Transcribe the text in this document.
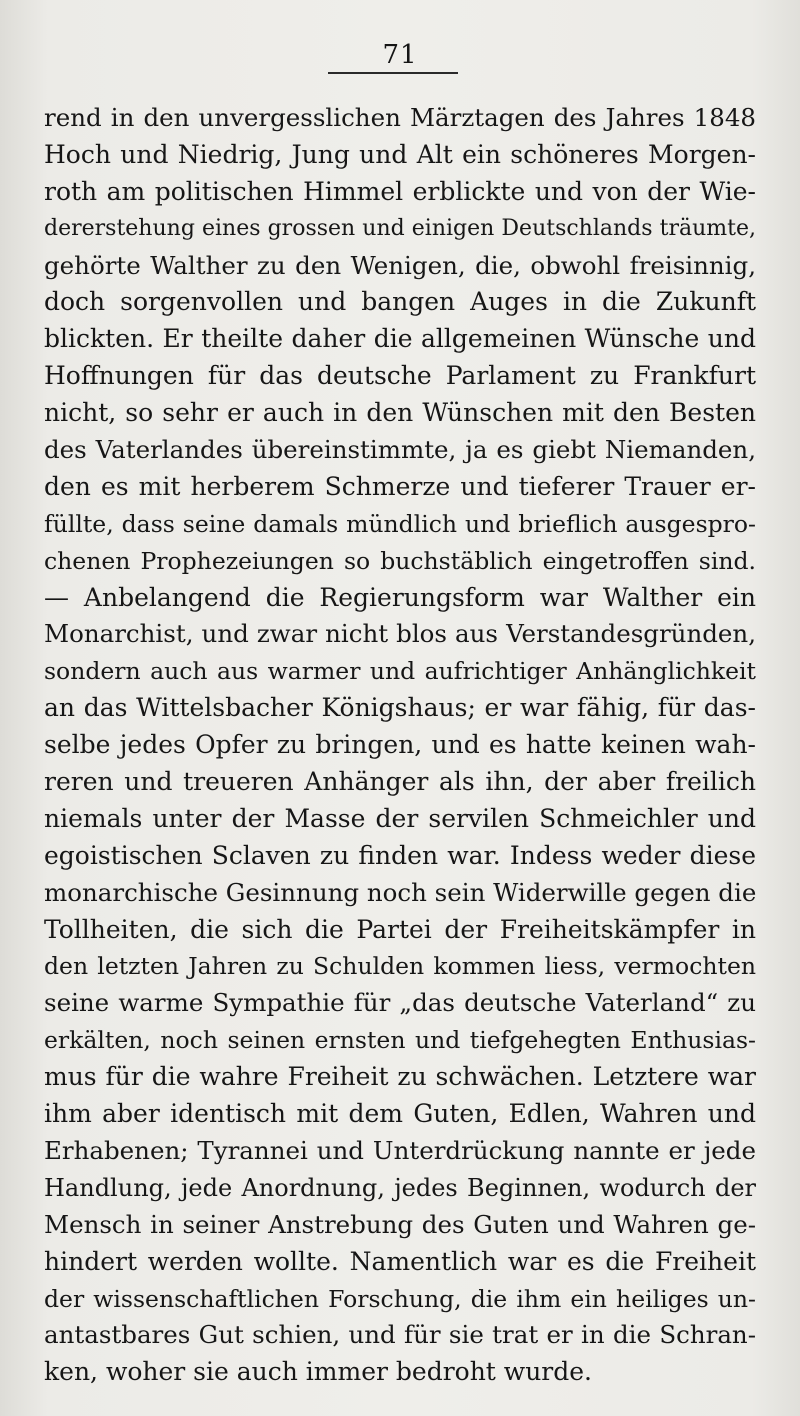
71
rend in den unvergesslichen Märztagen des Jahres 1848
Hoch und Niedrig, Jung und Alt ein schöneres Morgen-
roth am politischen Himmel erblickte und von der Wie-
dererstehung eines grossen und einigen Deutschlands träumte,
gehörte Walther zu den Wenigen, die, obwohl freisinnig,
doch sorgenvollen und bangen Auges in die Zukunft
blickten. Er theilte daher die allgemeinen Wünsche und
Hoffnungen für das deutsche Parlament zu Frankfurt
nicht, so sehr er auch in den Wünschen mit den Besten
des Vaterlandes übereinstimmte, ja es giebt Niemanden,
den es mit herberem Schmerze und tieferer Trauer er-
füllte, dass seine damals mündlich und brieflich ausgespro-
chenen Prophezeiungen so buchstäblich eingetroffen sind.
— Anbelangend die Regierungsform war Walther ein
Monarchist, und zwar nicht blos aus Verstandesgründen,
sondern auch aus warmer und aufrichtiger Anhänglichkeit
an das Wittelsbacher Königshaus; er war fähig, für das-
selbe jedes Opfer zu bringen, und es hatte keinen wah-
reren und treueren Anhänger als ihn, der aber freilich
niemals unter der Masse der servilen Schmeichler und
egoistischen Sclaven zu finden war. Indess weder diese
monarchische Gesinnung noch sein Widerwille gegen die
Tollheiten, die sich die Partei der Freiheitskämpfer in
den letzten Jahren zu Schulden kommen liess, vermochten
seine warme Sympathie für „das deutsche Vaterland“ zu
erkälten, noch seinen ernsten und tiefgehegten Enthusias-
mus für die wahre Freiheit zu schwächen. Letztere war
ihm aber identisch mit dem Guten, Edlen, Wahren und
Erhabenen; Tyrannei und Unterdrückung nannte er jede
Handlung, jede Anordnung, jedes Beginnen, wodurch der
Mensch in seiner Anstrebung des Guten und Wahren ge-
hindert werden wollte. Namentlich war es die Freiheit
der wissenschaftlichen Forschung, die ihm ein heiliges un-
antastbares Gut schien, und für sie trat er in die Schran-
ken, woher sie auch immer bedroht wurde.
